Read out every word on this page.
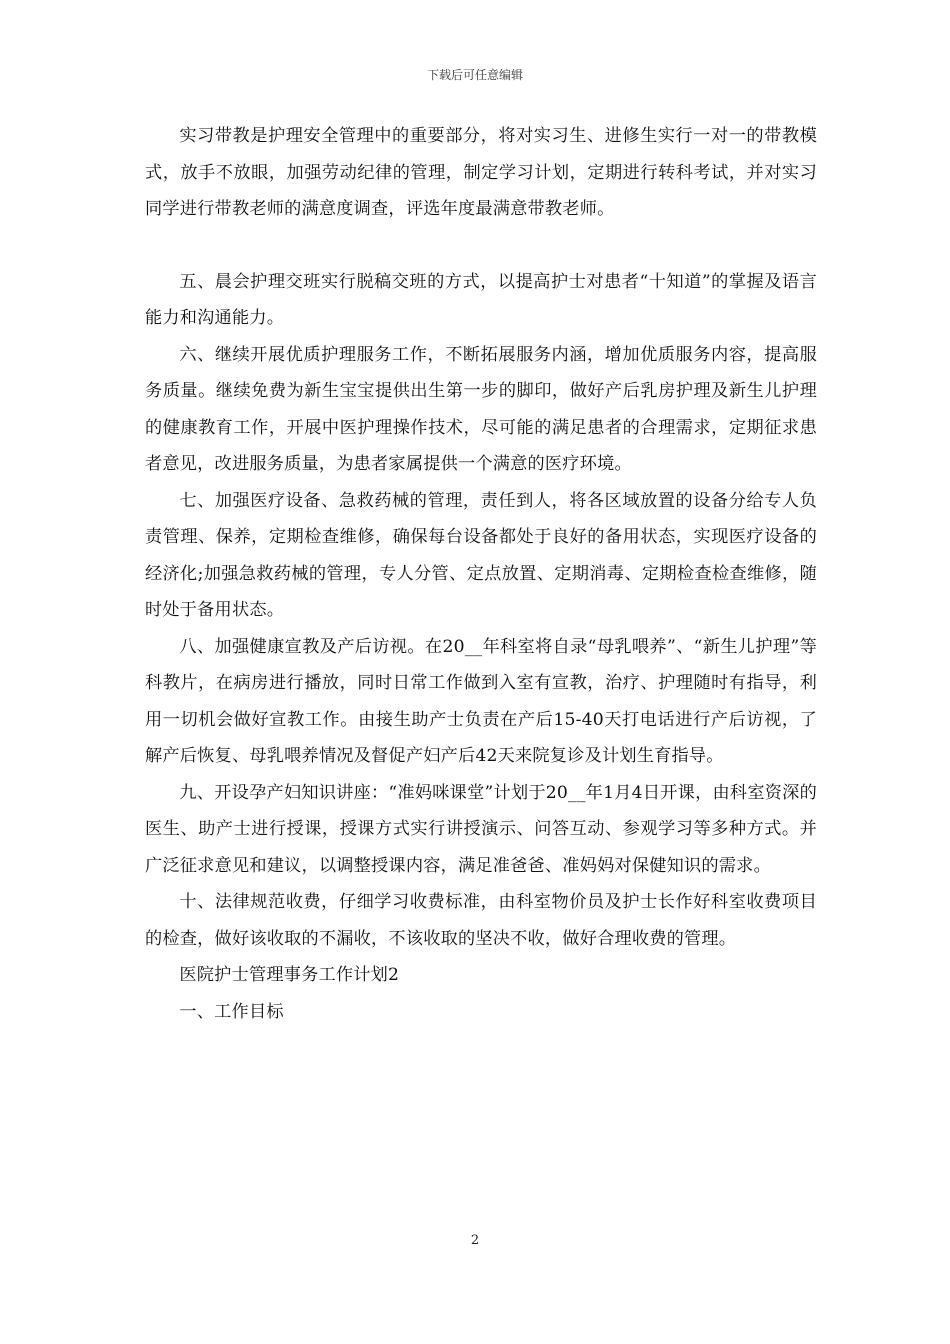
下载后可任意编辑

实习带教是护理安全管理中的重要部分，将对实习生、进修生实行一对一的带教模式，放手不放眼，加强劳动纪律的管理，制定学习计划，定期进行转科考试，并对实习同学进行带教老师的满意度调查，评选年度最满意带教老师。

五、晨会护理交班实行脱稿交班的方式，以提高护士对患者“十知道”的掌握及语言能力和沟通能力。

六、继续开展优质护理服务工作，不断拓展服务内涵，增加优质服务内容，提高服务质量。继续免费为新生宝宝提供出生第一步的脚印，做好产后乳房护理及新生儿护理的健康教育工作，开展中医护理操作技术，尽可能的满足患者的合理需求，定期征求患者意见，改进服务质量，为患者家属提供一个满意的医疗环境。

七、加强医疗设备、急救药械的管理，责任到人，将各区域放置的设备分给专人负责管理、保养，定期检查维修，确保每台设备都处于良好的备用状态，实现医疗设备的经济化;加强急救药械的管理，专人分管、定点放置、定期消毒、定期检查检查维修，随时处于备用状态。

八、加强健康宣教及产后访视。在20__年科室将自录“母乳喂养”、“新生儿护理”等科教片，在病房进行播放，同时日常工作做到入室有宣教，治疗、护理随时有指导，利用一切机会做好宣教工作。由接生助产士负责在产后15-40天打电话进行产后访视，了解产后恢复、母乳喂养情况及督促产妇产后42天来院复诊及计划生育指导。

九、开设孕产妇知识讲座：“准妈咪课堂”计划于20__年1月4日开课，由科室资深的医生、助产士进行授课，授课方式实行讲授演示、问答互动、参观学习等多种方式。并广泛征求意见和建议，以调整授课内容，满足准爸爸、准妈妈对保健知识的需求。

十、法律规范收费，仔细学习收费标准，由科室物价员及护士长作好科室收费项目的检查，做好该收取的不漏收，不该收取的坚决不收，做好合理收费的管理。

医院护士管理事务工作计划2

一、工作目标

2
